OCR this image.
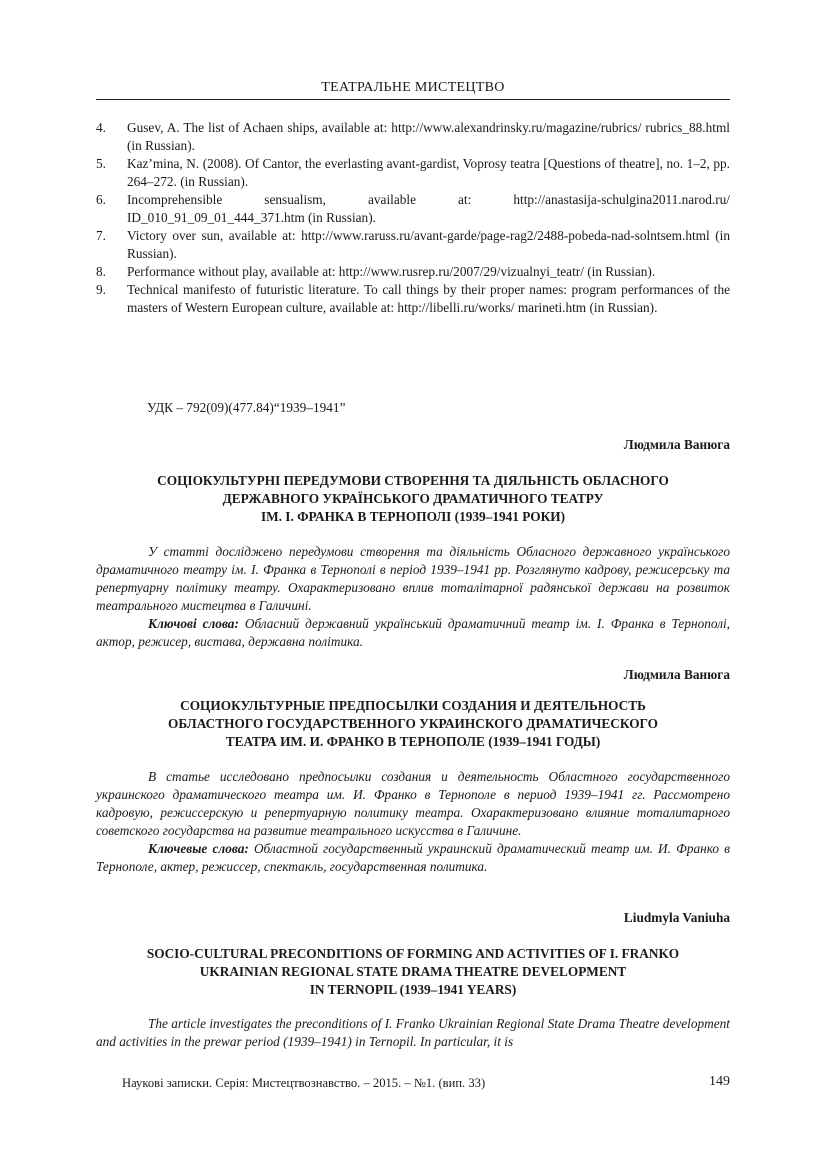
ТЕАТРАЛЬНЕ МИСТЕЦТВО
4. Gusev, A. The list of Achaen ships, available at: http://www.alexandrinsky.ru/magazine/rubrics/ rubrics_88.html (in Russian).
5. Kaz’mina, N. (2008). Of Cantor, the everlasting avant-gardist, Voprosy teatra [Questions of theatre], no. 1–2, pp. 264–272. (in Russian).
6. Incomprehensible sensualism, available at: http://anastasija-schulgina2011.narod.ru/ ID_010_91_09_01_444_371.htm (in Russian).
7. Victory over sun, available at: http://www.raruss.ru/avant-garde/page-rag2/2488-pobeda-nad-solntsem.html (in Russian).
8. Performance without play, available at: http://www.rusrep.ru/2007/29/vizualnyi_teatr/ (in Russian).
9. Technical manifesto of futuristic literature. To call things by their proper names: program performances of the masters of Western European culture, available at: http://libelli.ru/works/ marineti.htm (in Russian).
УДК – 792(09)(477.84)“1939–1941”
Людмила Ванюга
СОЦІОКУЛЬТУРНІ ПЕРЕДУМОВИ СТВОРЕННЯ ТА ДІЯЛЬНІСТЬ ОБЛАСНОГО
ДЕРЖАВНОГО УКРАЇНСЬКОГО ДРАМАТИЧНОГО ТЕАТРУ
ІМ. І. ФРАНКА В ТЕРНОПОЛІ (1939–1941 РОКИ)

У статті досліджено передумови створення та діяльність Обласного державного українського драматичного театру ім. І. Франка в Тернополі в період 1939–1941 рр. Розглянуто кадрову, режисерську та репертуарну політику театру. Охарактеризовано вплив тоталітарної радянської держави на розвиток театрального мистецтва в Галичині.

Ключові слова: Обласний державний український драматичний театр ім. І. Франка в Тернополі, актор, режисер, вистава, державна політика.

Людмила Ванюга
СОЦИОКУЛЬТУРНЫЕ ПРЕДПОСЫЛКИ СОЗДАНИЯ И ДЕЯТЕЛЬНОСТЬ
ОБЛАСТНОГО ГОСУДАРСТВЕННОГО УКРАИНСКОГО ДРАМАТИЧЕСКОГО
ТЕАТРА ИМ. И. ФРАНКО В ТЕРНОПОЛЕ (1939–1941 ГОДЫ)

В статье исследовано предпосылки создания и деятельность Областного государственного украинского драматического театра им. И. Франко в Тернополе в период 1939–1941 гг. Рассмотрено кадровую, режиссерскую и репертуарную политику театра. Охарактеризовано влияние тоталитарного советского государства на развитие театрального искусства в Галичине.

Ключевые слова: Областной государственный украинский драматический театр им. И. Франко в Тернополе, актер, режиссер, спектакль, государственная политика.

Liudmyla Vaniuha
SOCIO-CULTURAL PRECONDITIONS OF FORMING AND ACTIVITIES OF I. FRANKO
UKRAINIAN REGIONAL STATE DRAMA THEATRE DEVELOPMENT
IN TERNOPIL (1939–1941 YEARS)

The article investigates the preconditions of I. Franko Ukrainian Regional State Drama Theatre development and activities in the prewar period (1939–1941) in Ternopil. In particular, it is

Наукові записки. Серія: Мистецтвознавство. – 2015. – №1. (вип. 33)	149
